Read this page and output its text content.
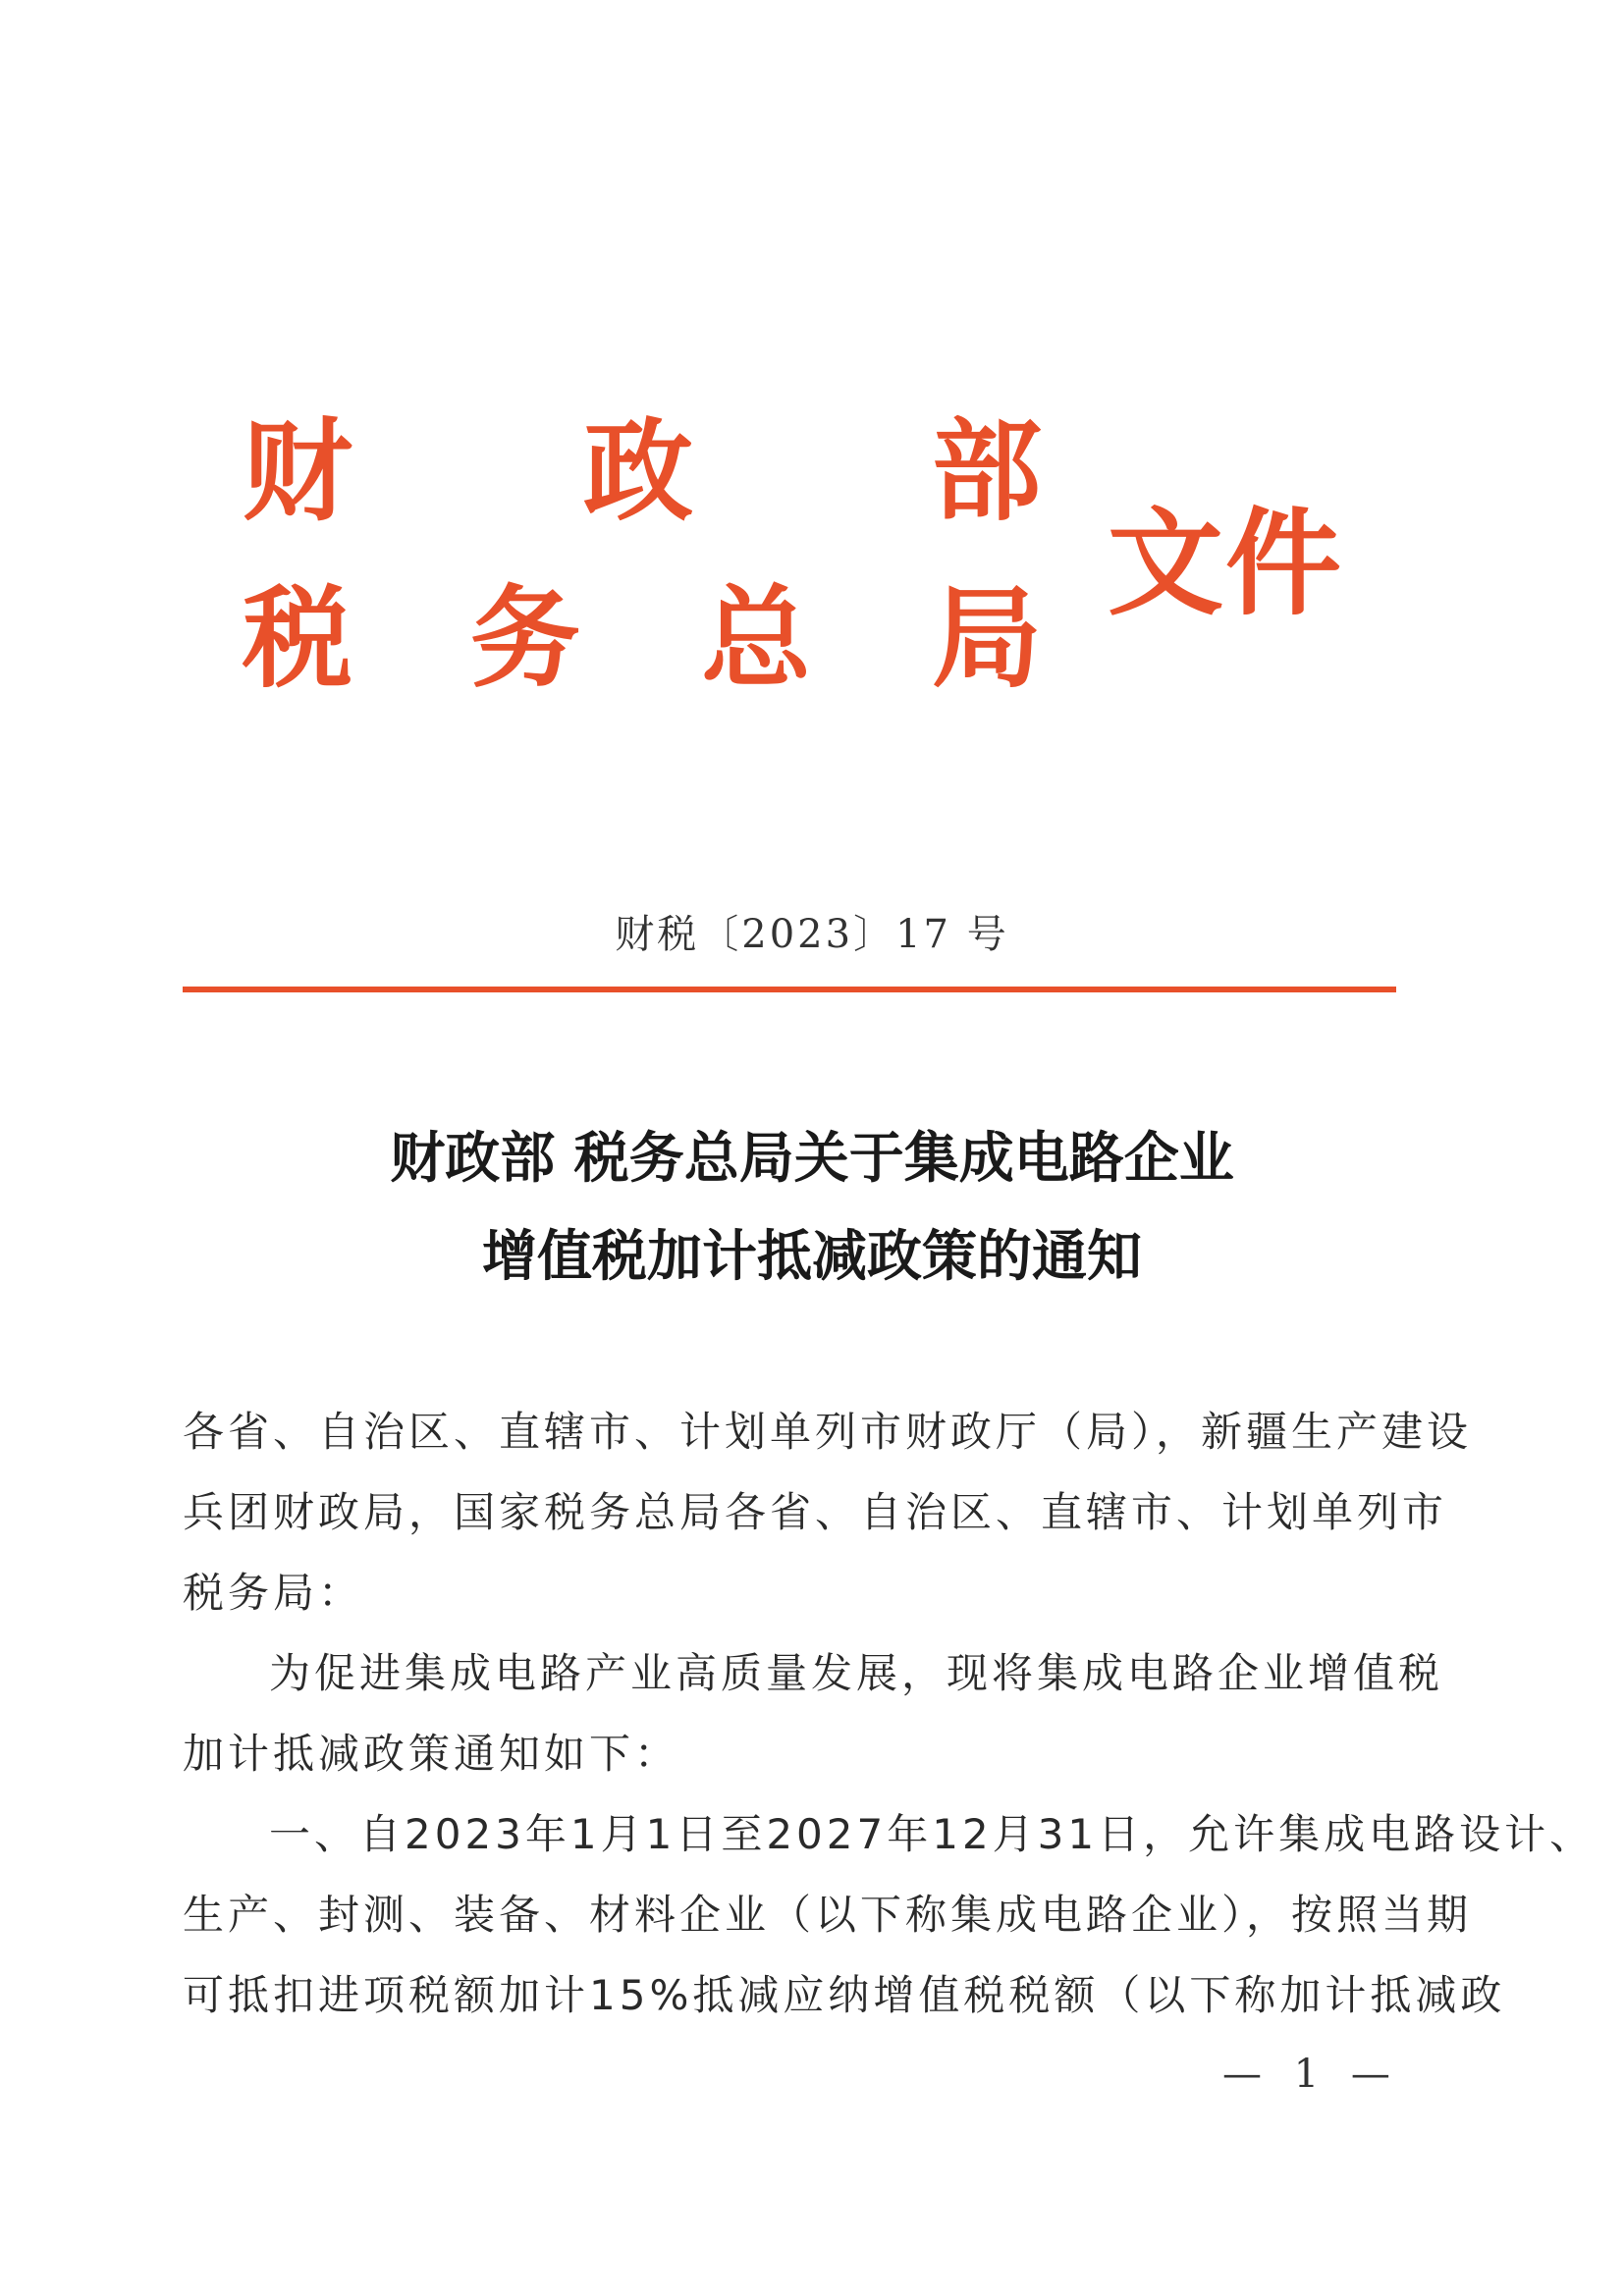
财 政 部
税 务 总 局
文件
财税〔2023〕17 号
财政部 税务总局关于集成电路企业
增值税加计抵减政策的通知
各省、自治区、直辖市、计划单列市财政厅（局），新疆生产建设
兵团财政局，国家税务总局各省、自治区、直辖市、计划单列市
税务局：
为促进集成电路产业高质量发展，现将集成电路企业增值税
加计抵减政策通知如下：
一、自2023年1月1日至2027年12月31日，允许集成电路设计、
生产、封测、装备、材料企业（以下称集成电路企业），按照当期
可抵扣进项税额加计15%抵减应纳增值税税额（以下称加计抵减政
— 1 —
